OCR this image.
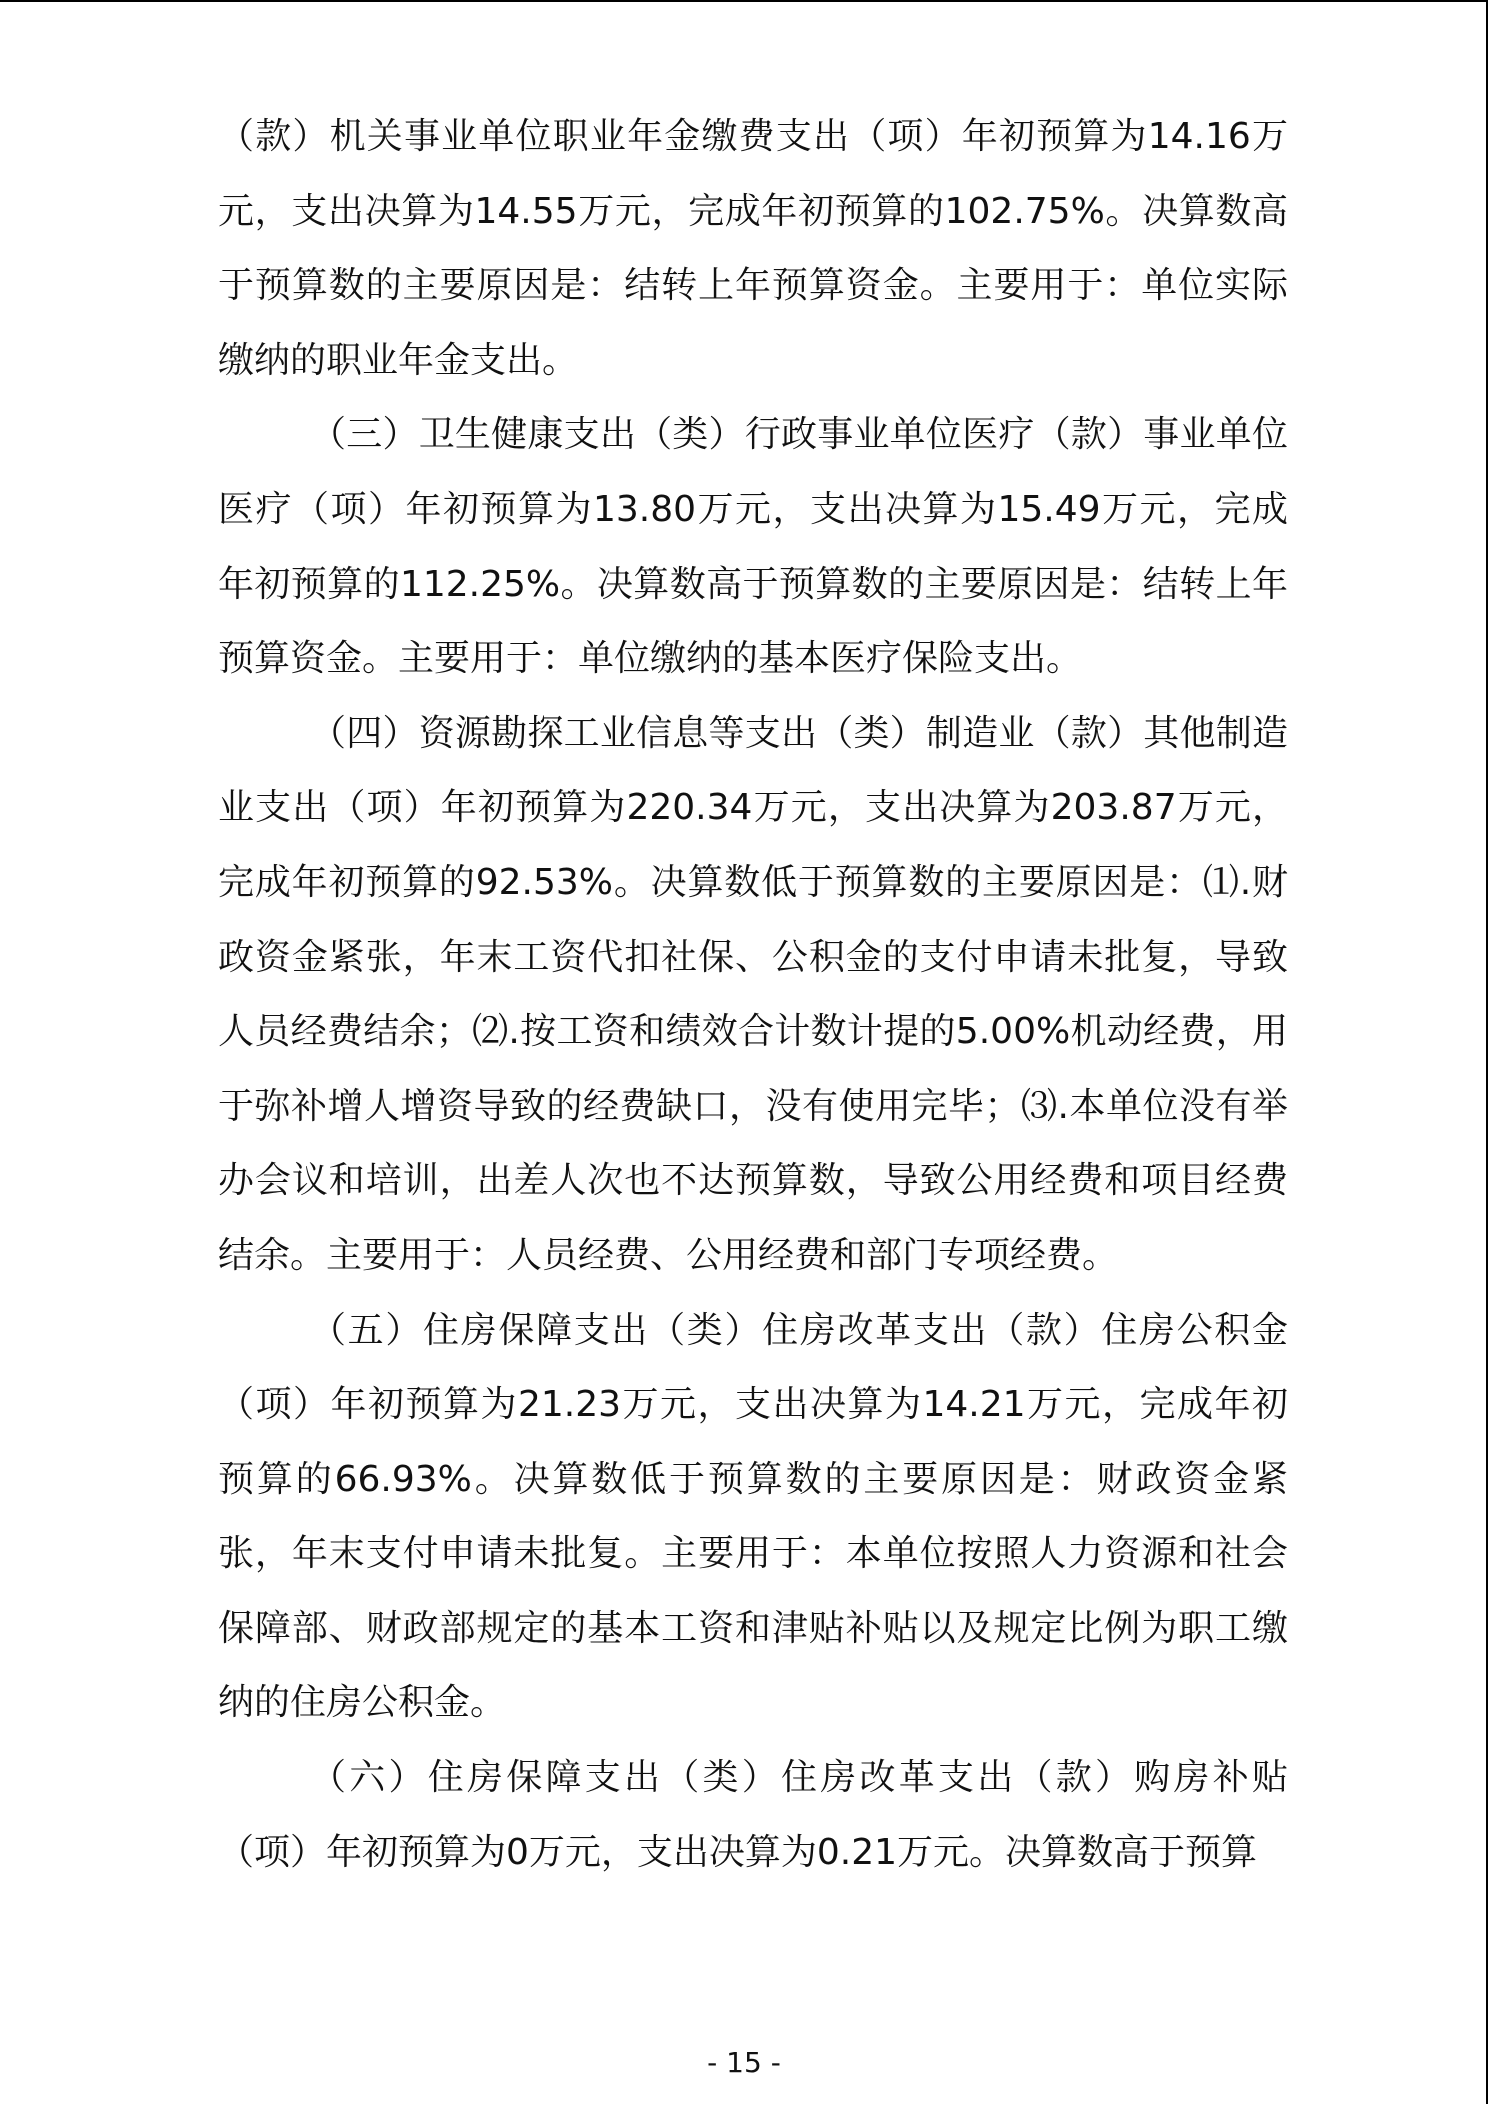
（款）机关事业单位职业年金缴费支出（项）年初预算为14.16万元，支出决算为14.55万元，完成年初预算的102.75%。决算数高于预算数的主要原因是：结转上年预算资金。主要用于：单位实际缴纳的职业年金支出。

（三）卫生健康支出（类）行政事业单位医疗（款）事业单位医疗（项）年初预算为13.80万元，支出决算为15.49万元，完成年初预算的112.25%。决算数高于预算数的主要原因是：结转上年预算资金。主要用于：单位缴纳的基本医疗保险支出。

（四）资源勘探工业信息等支出（类）制造业（款）其他制造业支出（项）年初预算为220.34万元，支出决算为203.87万元，完成年初预算的92.53%。决算数低于预算数的主要原因是：⑴.财政资金紧张，年末工资代扣社保、公积金的支付申请未批复，导致人员经费结余；⑵.按工资和绩效合计数计提的5.00%机动经费，用于弥补增人增资导致的经费缺口，没有使用完毕；⑶.本单位没有举办会议和培训，出差人次也不达预算数，导致公用经费和项目经费结余。主要用于：人员经费、公用经费和部门专项经费。

（五）住房保障支出（类）住房改革支出（款）住房公积金（项）年初预算为21.23万元，支出决算为14.21万元，完成年初预算的66.93%。决算数低于预算数的主要原因是：财政资金紧张，年末支付申请未批复。主要用于：本单位按照人力资源和社会保障部、财政部规定的基本工资和津贴补贴以及规定比例为职工缴纳的住房公积金。

（六）住房保障支出（类）住房改革支出（款）购房补贴（项）年初预算为0万元，支出决算为0.21万元。决算数高于预算

- 15 -
